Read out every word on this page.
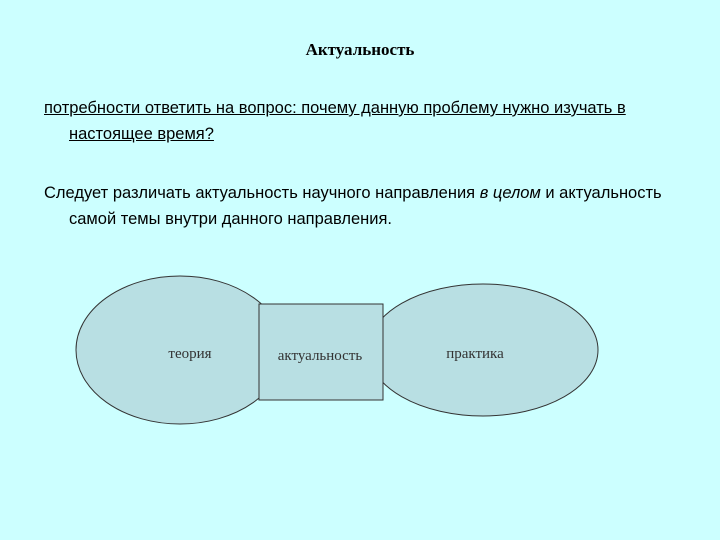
Актуальность
потребности ответить на вопрос: почему данную проблему нужно изучать в настоящее время?
Следует различать актуальность научного направления в целом и актуальность самой темы внутри данного направления.
теория	актуальность	практика
